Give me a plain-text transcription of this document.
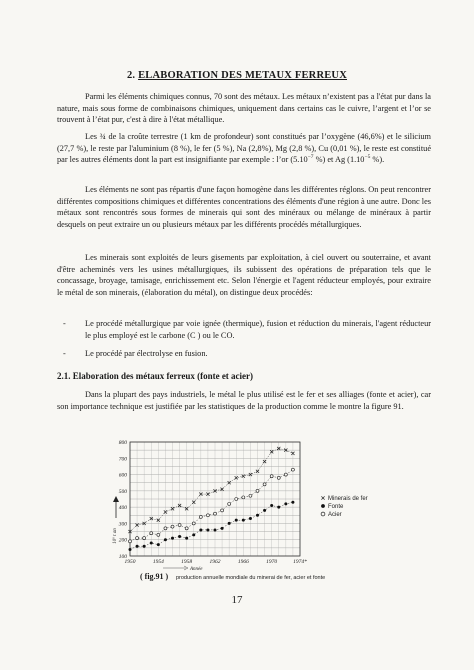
2. ELABORATION DES METAUX FERREUX
Parmi les éléments chimiques connus, 70 sont des métaux. Les métaux n’existent pas a l'état pur dans la nature, mais sous forme de combinaisons chimiques, uniquement dans certains cas le cuivre, l’argent et l’or se trouvent à l’état pur, c'est à dire à l'état métallique.
Les ¾ de la croûte terrestre (1 km de profondeur) sont constitués par l’oxygène (46,6%) et le silicium (27,7 %), le reste par l'aluminium (8 %), le fer (5 %), Na (2,8%), Mg (2,8 %), Cu (0,01 %), le reste est constitué par les autres éléments dont la part est insignifiante par exemple : l’or ($5.10^{-7}$ %) et Ag ($1.10^{-5}$ %).
Les éléments ne sont pas répartis d'une façon homogène dans les différentes réglons. On peut rencontrer différentes compositions chimiques et différentes concentrations des éléments d'une région à une autre. Donc les métaux sont rencontrés sous formes de minerais qui sont des minéraux ou mélange de minéraux à partir desquels on peut extraire un ou plusieurs métaux par les différents procédés métallurgiques.
Les minerais sont exploités de leurs gisements par exploitation, à ciel ouvert ou souterraine, et avant d'être acheminés vers les usines métallurgiques, ils subissent des opérations de préparation tels que le concassage, broyage, tamisage, enrichissement etc. Selon l'énergie et l'agent réducteur employés, pour extraire le métal de son minerais, (élaboration du métal), on distingue deux procédés:
- Le procédé métallurgique par voie ignée (thermique), fusion et réduction du minerais, l'agent réducteur le plus employé est le carbone (C ) ou le CO.
- Le procédé par électrolyse en fusion.
2.1. Elaboration des métaux ferreux (fonte et acier)
Dans la plupart des pays industriels, le métal le plus utilisé est le fer et ses alliages (fonte et acier), car son importance technique est justifiée par les statistiques de la production comme le montre la figure 91.
100
200
300
400
500
600
700
800
1950	1954	1958	1962	1966	1970	1974*
10⁶ t an
Année
Minerais de fer
Fonte
Acier
( fig.91 ) production annuelle mondiale du minerai de fer, acier et fonte
17
